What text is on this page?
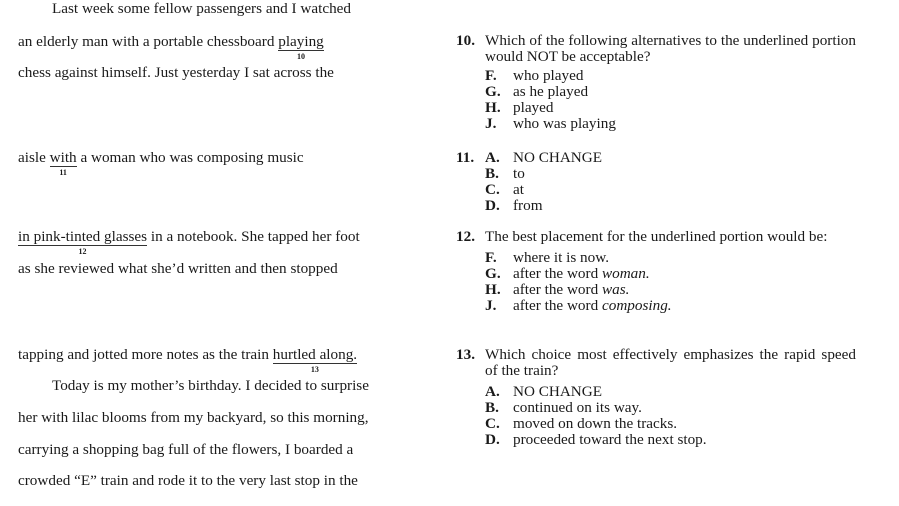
Last week some fellow passengers and I watched
an elderly man with a portable chessboard playing
10
chess against himself. Just yesterday I sat across the
aisle with
11
a woman who was composing music
in pink-tinted glasses
12
in a notebook. She tapped her foot
as she reviewed what she’d written and then stopped
tapping and jotted more notes as the train hurtled along.
13
Today is my mother’s birthday. I decided to surprise
her with lilac blooms from my backyard, so this morning,
carrying a shopping bag full of the flowers, I boarded a
crowded “E” train and rode it to the very last stop in the
10. Which of the following alternatives to the underlined portion would NOT be acceptable?
F.	who played
G. as he played
H. played
J.	who was playing
11. A. NO CHANGE
B. to
C. at
D. from
12. The best placement for the underlined portion would be:
F.	where it is now.
G. after the word woman.
H. after the word was.
J.	after the word composing.
13. Which choice most effectively emphasizes the rapid speed of the train?
A. NO CHANGE
B. continued on its way.
C. moved on down the tracks.
D. proceeded toward the next stop.
